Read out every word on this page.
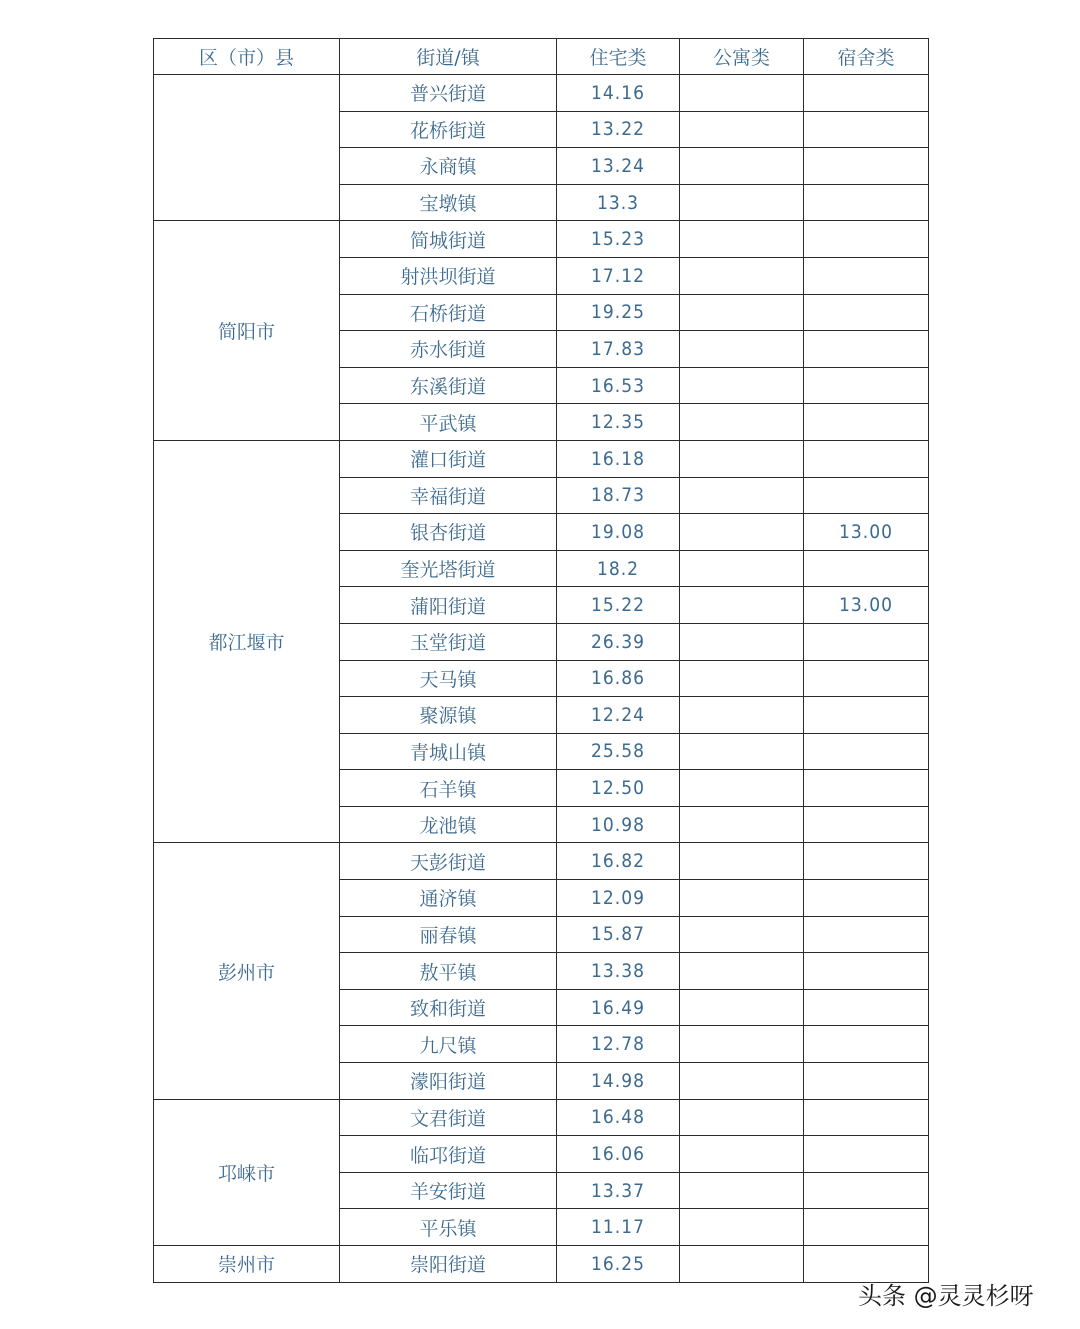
区（市）县	街道/镇	住宅类	公寓类	宿舍类
	普兴街道	14.16		
	花桥街道	13.22		
	永商镇	13.24		
	宝墩镇	13.3		
简阳市	简城街道	15.23		
	射洪坝街道	17.12		
	石桥街道	19.25		
	赤水街道	17.83		
	东溪街道	16.53		
	平武镇	12.35		
都江堰市	灌口街道	16.18		
	幸福街道	18.73		
	银杏街道	19.08		13.00
	奎光塔街道	18.2		
	蒲阳街道	15.22		13.00
	玉堂街道	26.39		
	天马镇	16.86		
	聚源镇	12.24		
	青城山镇	25.58		
	石羊镇	12.50		
	龙池镇	10.98		
彭州市	天彭街道	16.82		
	通济镇	12.09		
	丽春镇	15.87		
	敖平镇	13.38		
	致和街道	16.49		
	九尺镇	12.78		
	濛阳街道	14.98		
邛崃市	文君街道	16.48		
	临邛街道	16.06		
	羊安街道	13.37		
	平乐镇	11.17		
崇州市	崇阳街道	16.25		
头条 @灵灵杉呀
